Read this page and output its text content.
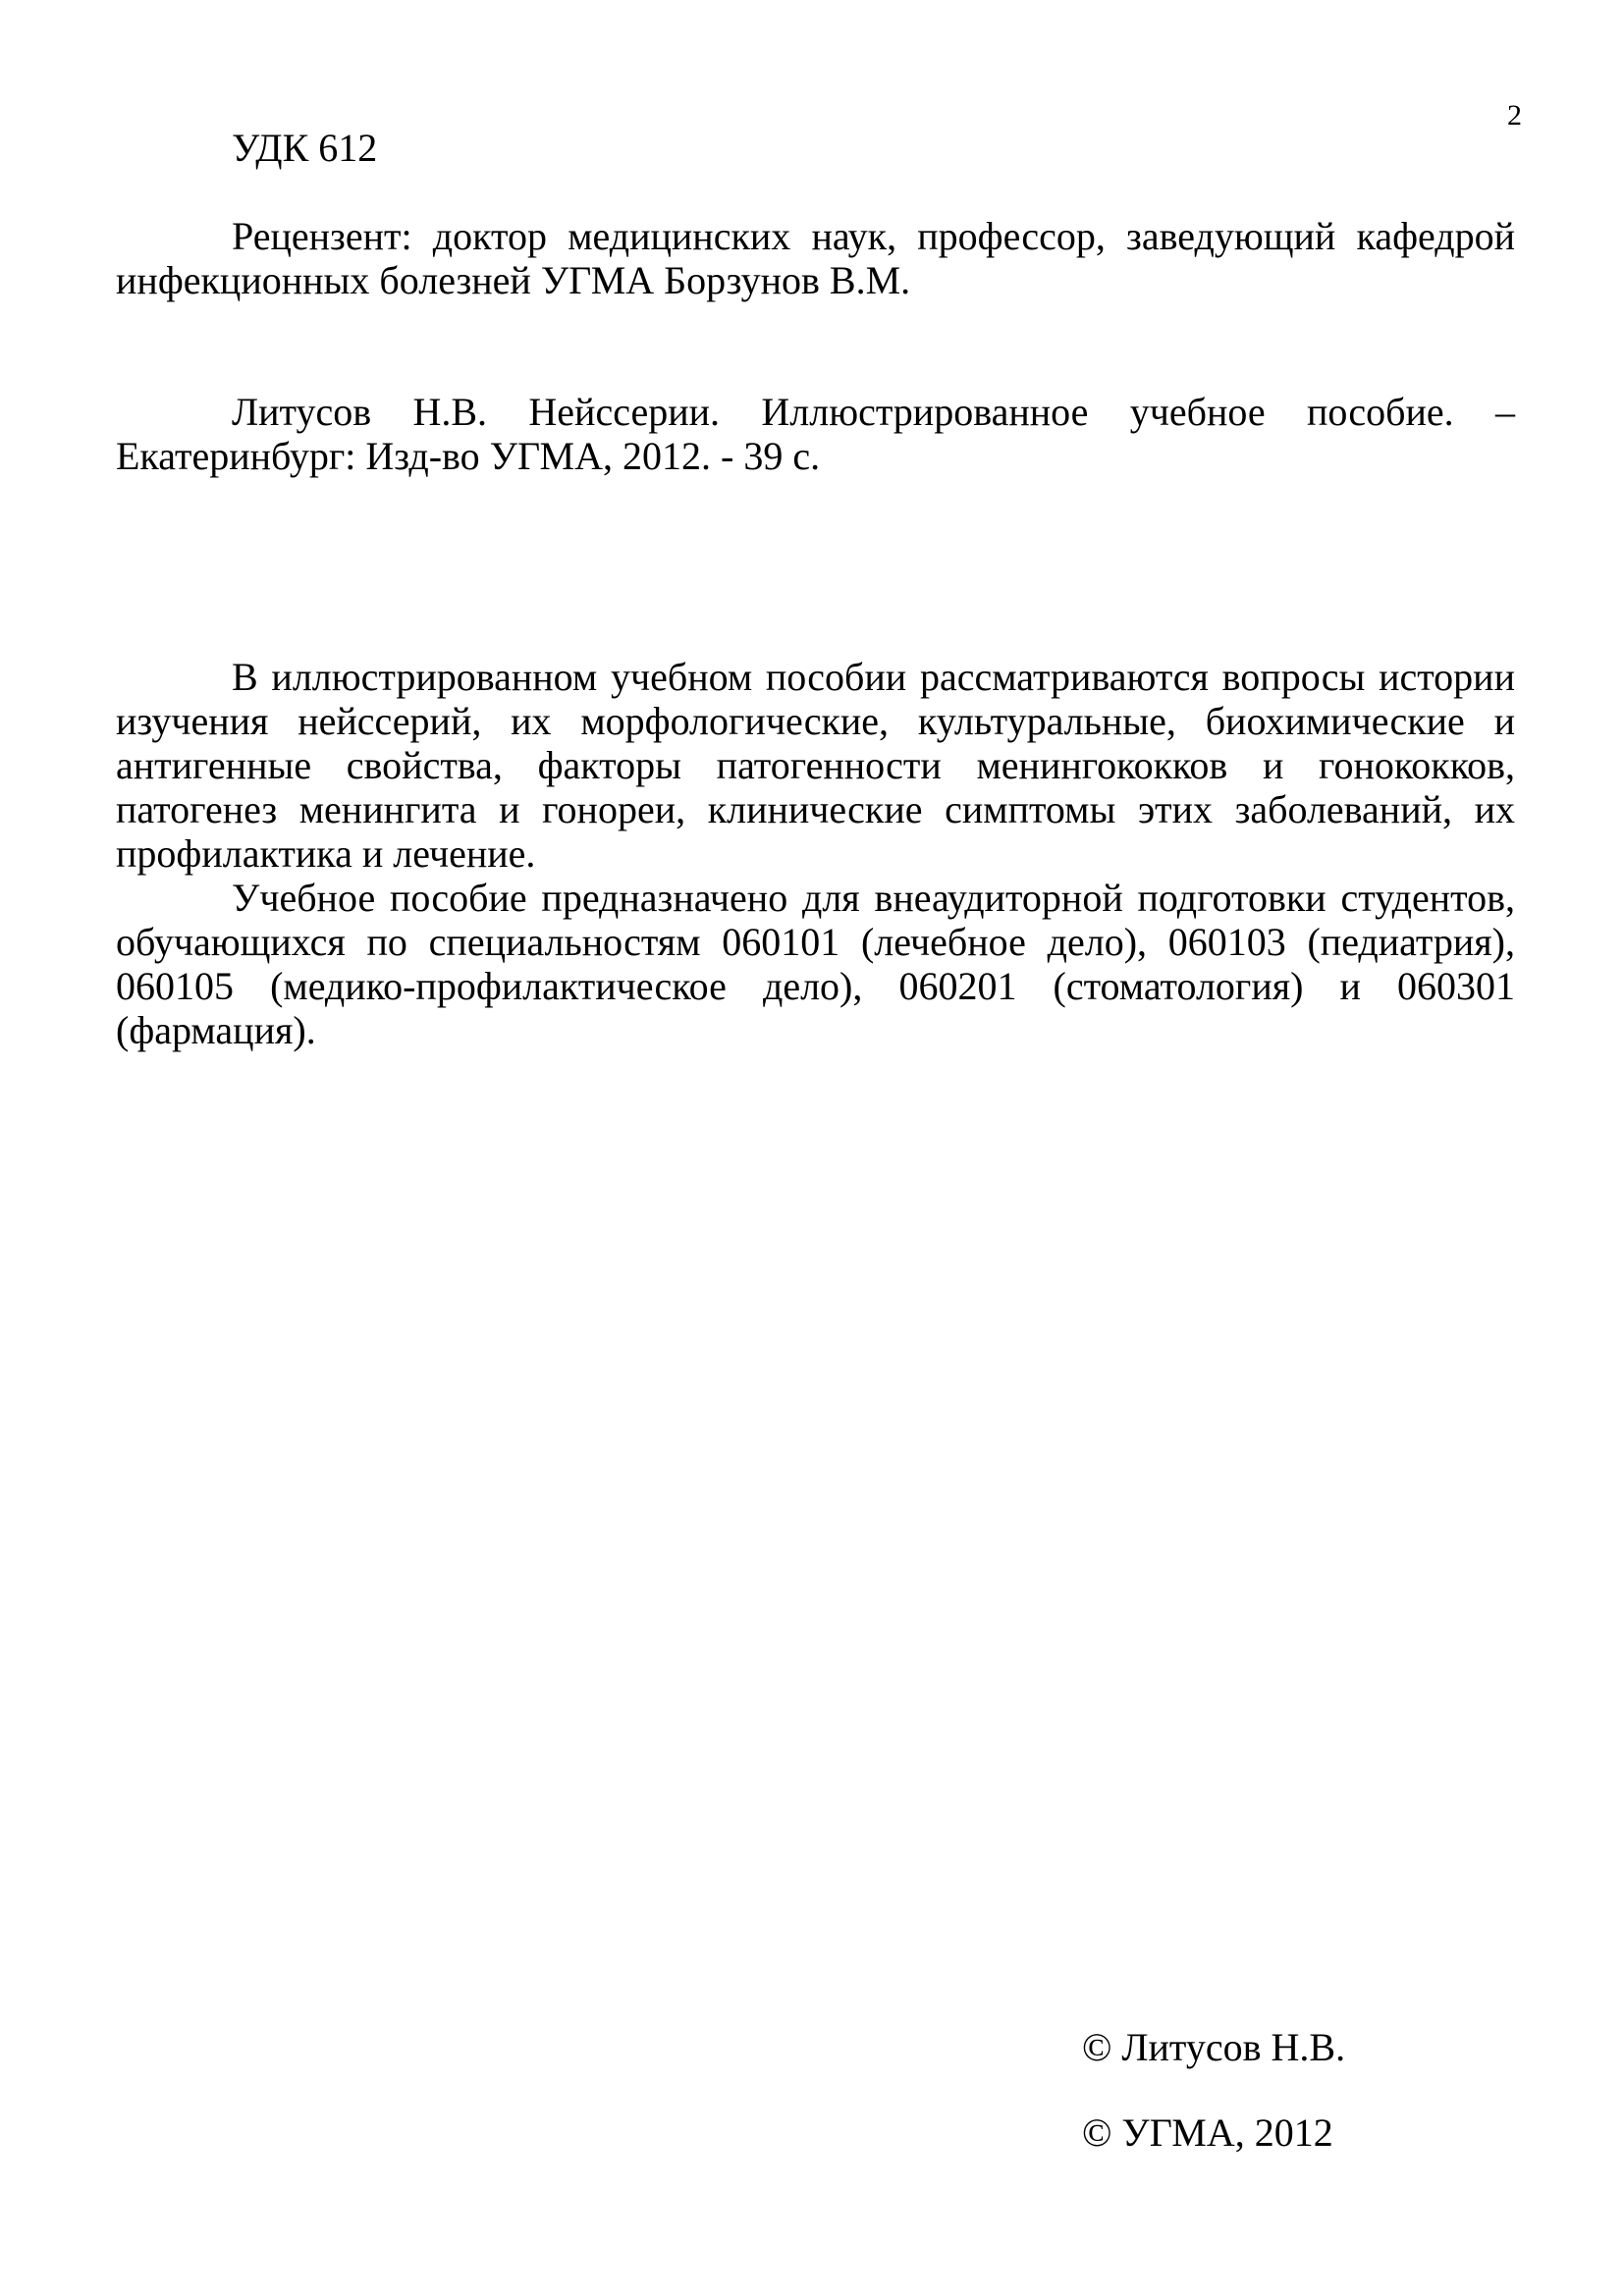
2
УДК 612
Рецензент: доктор медицинских наук, профессор, заведующий кафедрой инфекционных болезней УГМА Борзунов В.М.
Литусов Н.В. Нейссерии. Иллюстрированное учебное пособие. – Екатеринбург: Изд-во УГМА, 2012. - 39 с.

В иллюстрированном учебном пособии рассматриваются вопросы истории изучения нейссерий, их морфологические, культуральные, биохимические и антигенные свойства, факторы патогенности менингококков и гонококков, патогенез менингита и гонореи, клинические симптомы этих заболеваний, их профилактика и лечение.

Учебное пособие предназначено для внеаудиторной подготовки студентов, обучающихся по специальностям 060101 (лечебное дело), 060103 (педиатрия), 060105 (медико-профилактическое дело), 060201 (стоматология) и 060301 (фармация).

© Литусов Н.В.
© УГМА, 2012
